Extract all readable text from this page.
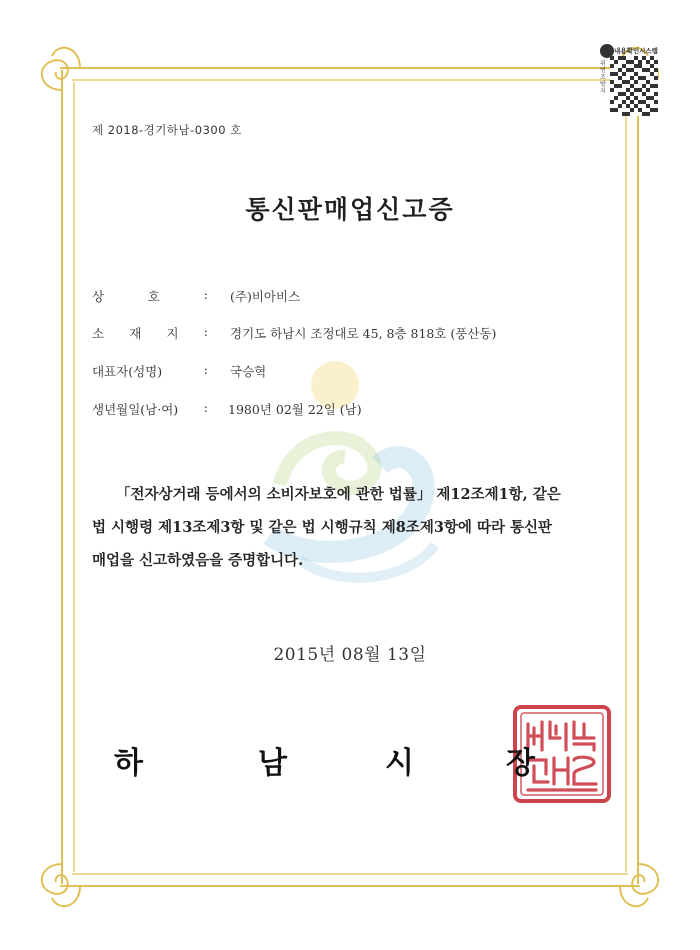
내용확인시스템
위변조방지
제 2018-경기하남-0300 호
통신판매업신고증
상	호	: (주)비아비스
소 재 지 : 경기도 하남시 조정대로 45, 8층 818호 (풍산동)
대표자(성명)	: 국승혁
생년월일(남·여) : 1980년 02월 22일 (남)
「전자상거래 등에서의 소비자보호에 관한 법률」 제12조제1항, 같은
법 시행령 제13조제3항 및 같은 법 시행규칙 제8조제3항에 따라 통신판
매업을 신고하였음을 증명합니다.
2015년 08월 13일
하	남	시	장
